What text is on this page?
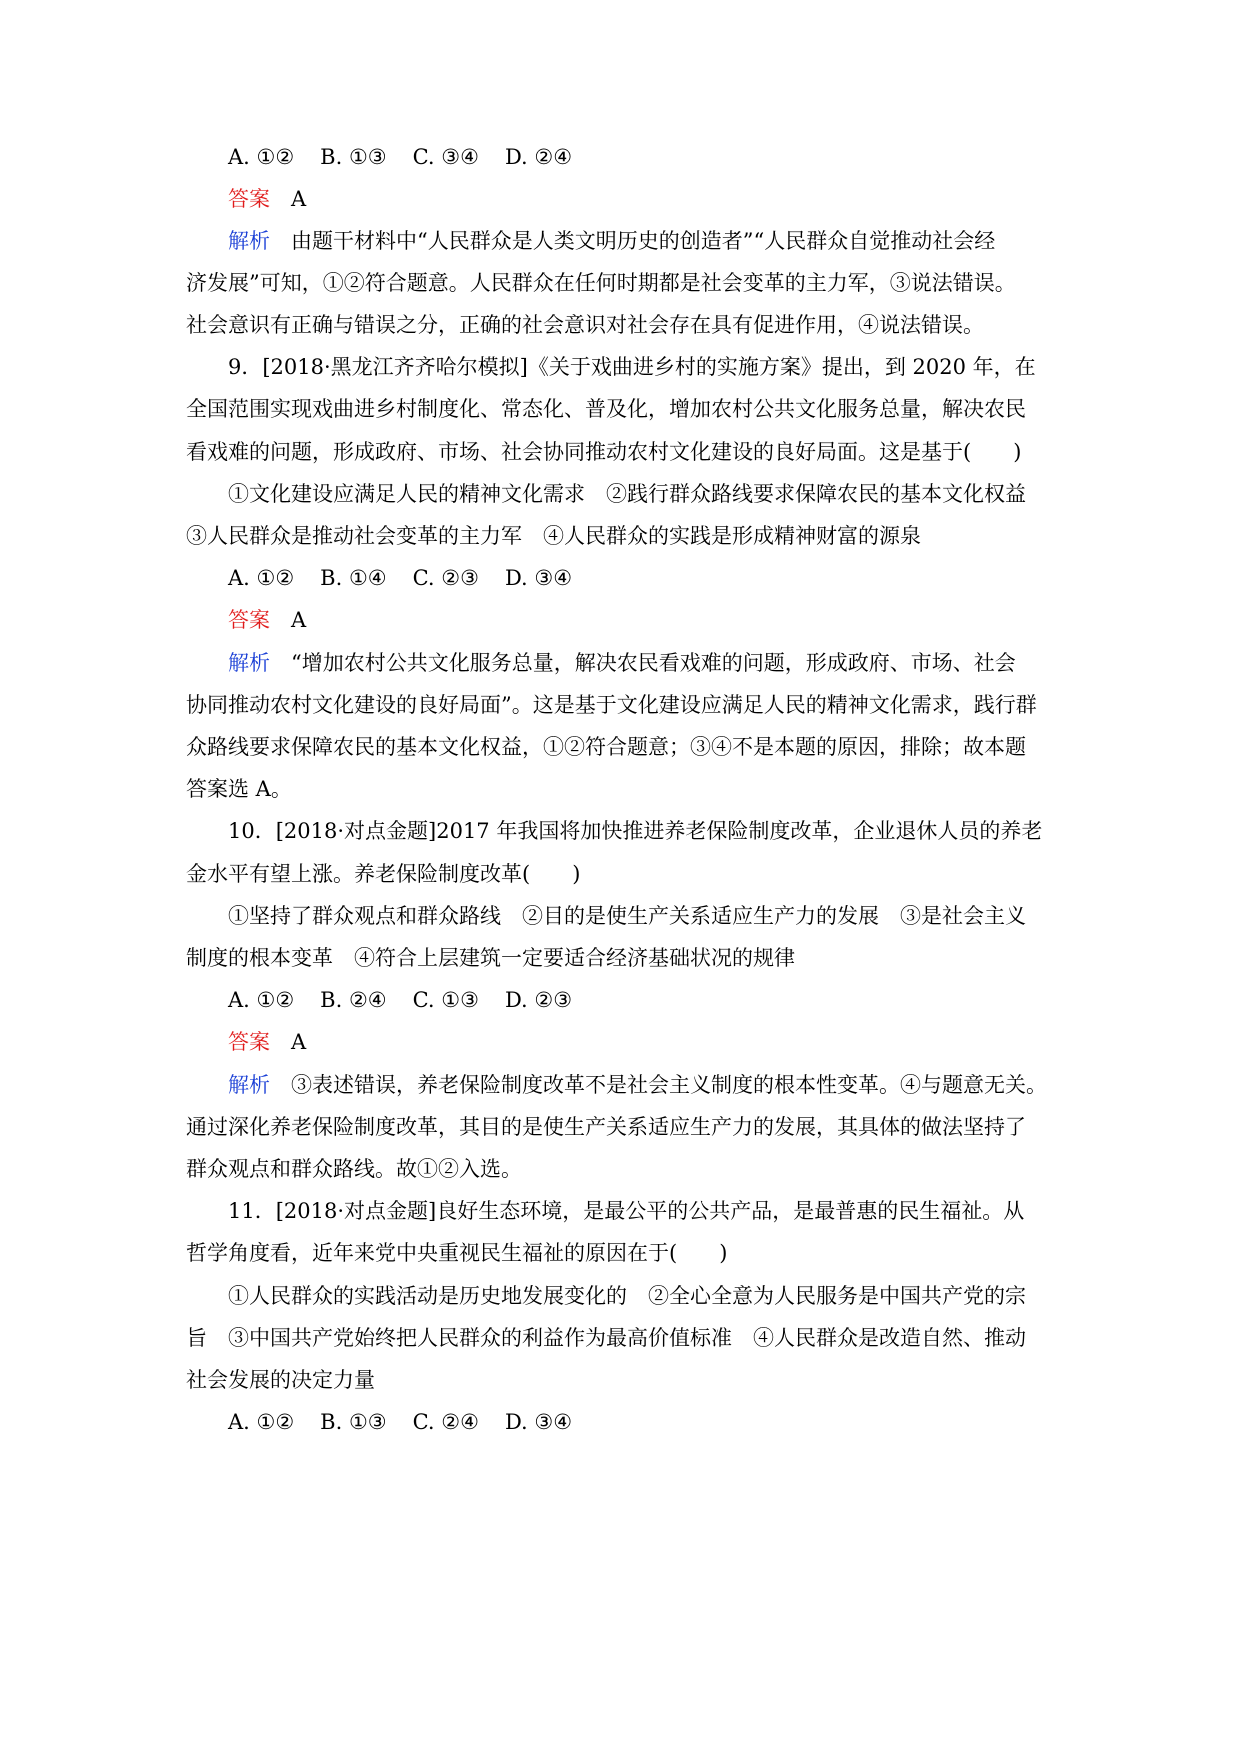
A. ①② B. ①③ C. ③④ D. ②④
答案　 A
解析　 由题干材料中“人民群众是人类文明历史的创造者”“人民群众自觉推动社会经
济发展”可知，①②符合题意。人民群众在任何时期都是社会变革的主力军，③说法错误。
社会意识有正确与错误之分，正确的社会意识对社会存在具有促进作用，④说法错误。
9．[2018·黑龙江齐齐哈尔模拟]《关于戏曲进乡村的实施方案》提出，到 2020 年，在
全国范围实现戏曲进乡村制度化、常态化、普及化，增加农村公共文化服务总量，解决农民
看戏难的问题，形成政府、市场、社会协同推动农村文化建设的良好局面。这是基于(　　)
①文化建设应满足人民的精神文化需求　②践行群众路线要求保障农民的基本文化权益
③人民群众是推动社会变革的主力军　④人民群众的实践是形成精神财富的源泉
A. ①② B. ①④ C. ②③ D. ③④
答案　 A
解析　 “增加农村公共文化服务总量，解决农民看戏难的问题，形成政府、市场、社会
协同推动农村文化建设的良好局面”。这是基于文化建设应满足人民的精神文化需求，践行群
众路线要求保障农民的基本文化权益，①②符合题意；③④不是本题的原因，排除；故本题
答案选 A。
10．[2018·对点金题]2017 年我国将加快推进养老保险制度改革，企业退休人员的养老
金水平有望上涨。养老保险制度改革(　　)
①坚持了群众观点和群众路线　②目的是使生产关系适应生产力的发展　③是社会主义
制度的根本变革　④符合上层建筑一定要适合经济基础状况的规律
A. ①② B. ②④ C. ①③ D. ②③
答案　 A
解析　 ③表述错误，养老保险制度改革不是社会主义制度的根本性变革。④与题意无关。
通过深化养老保险制度改革，其目的是使生产关系适应生产力的发展，其具体的做法坚持了
群众观点和群众路线。故①②入选。
11．[2018·对点金题]良好生态环境，是最公平的公共产品，是最普惠的民生福祉。从
哲学角度看，近年来党中央重视民生福祉的原因在于(　　)
①人民群众的实践活动是历史地发展变化的　②全心全意为人民服务是中国共产党的宗
旨　③中国共产党始终把人民群众的利益作为最高价值标准　④人民群众是改造自然、推动
社会发展的决定力量
A. ①② B. ①③ C. ②④ D. ③④
